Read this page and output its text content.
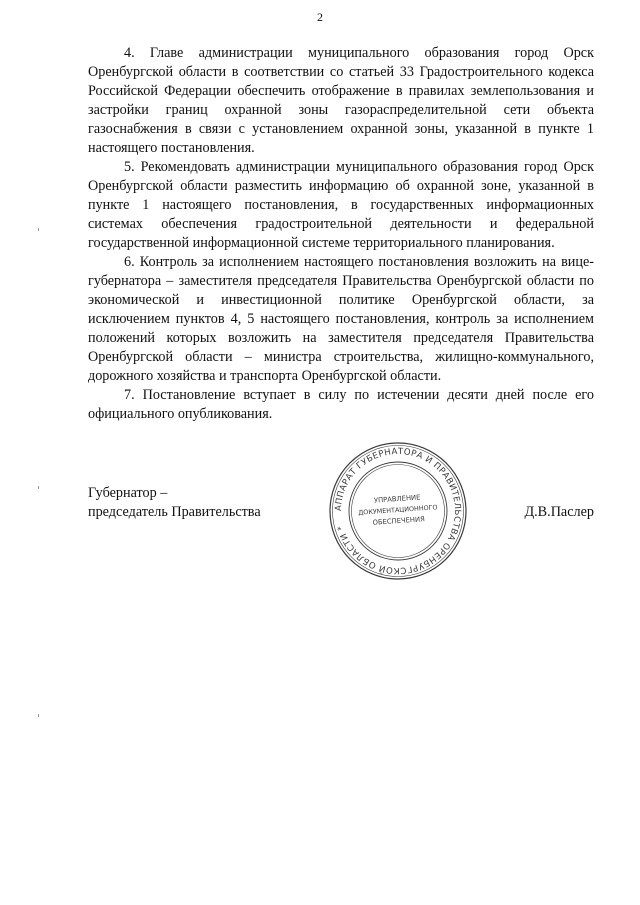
2

4. Главе администрации муниципального образования город Орск Оренбургской области в соответствии со статьей 33 Градостроительного кодекса Российской Федерации обеспечить отображение в правилах землепользования и застройки границ охранной зоны газораспределительной сети объекта газоснабжения в связи с установлением охранной зоны, указанной в пункте 1 настоящего постановления.

5. Рекомендовать администрации муниципального образования город Орск Оренбургской области разместить информацию об охранной зоне, указанной в пункте 1 настоящего постановления, в государственных информационных системах обеспечения градостроительной деятельности и федеральной государственной информационной системе территориального планирования.

6. Контроль за исполнением настоящего постановления возложить на вице-губернатора – заместителя председателя Правительства Оренбургской области по экономической и инвестиционной политике Оренбургской области, за исключением пунктов 4, 5 настоящего постановления, контроль за исполнением положений которых возложить на заместителя председателя Правительства Оренбургской области – министра строительства, жилищно-коммунального, дорожного хозяйства и транспорта Оренбургской области.

7. Постановление вступает в силу по истечении десяти дней после его официального опубликования.

Губернатор –
председатель Правительства	Д.В.Паслер
АППАРАТ ГУБЕРНАТОРА И ПРАВИТЕЛЬСТВА ОРЕНБУРГСКОЙ ОБЛАСТИ *
УПРАВЛЕНИЕ
ДОКУМЕНТАЦИОННОГО
ОБЕСПЕЧЕНИЯ
